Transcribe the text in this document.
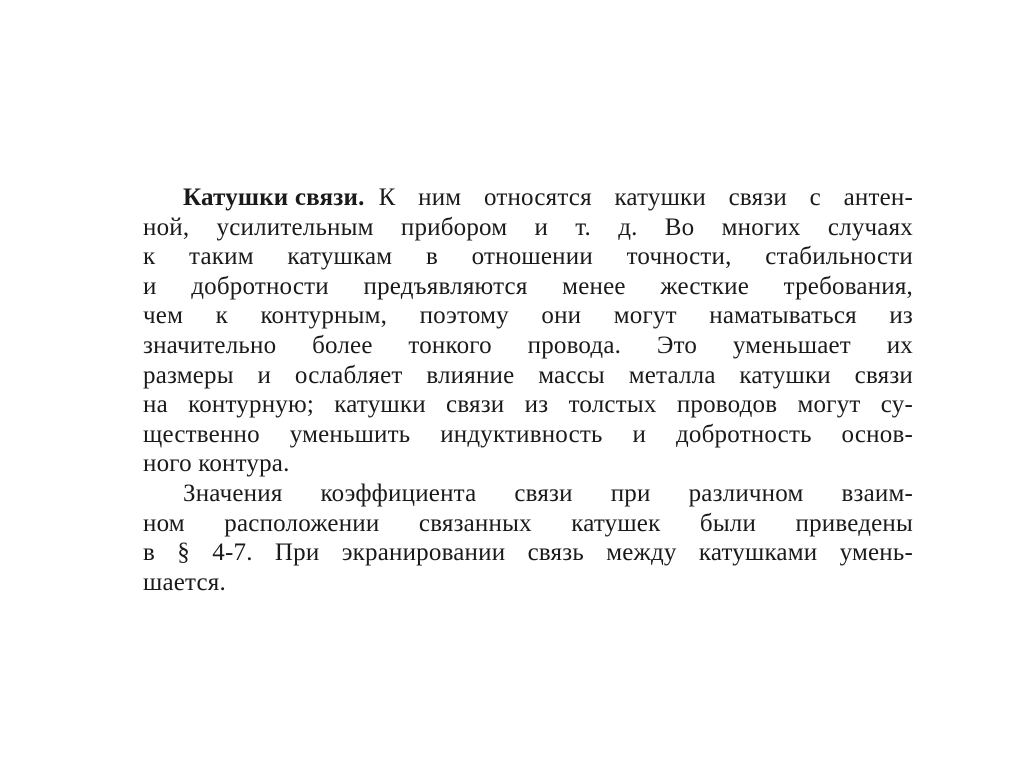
Катушки связи. К ним относятся катушки связи с антен-
ной, усилительным прибором и т. д. Во многих случаях
к таким катушкам в отношении точности, стабильности
и добротности предъявляются менее жесткие требования,
чем к контурным, поэтому они могут наматываться из
значительно более тонкого провода. Это уменьшает их
размеры и ослабляет влияние массы металла катушки связи
на контурную; катушки связи из толстых проводов могут су-
щественно уменьшить индуктивность и добротность основ-
ного контура.
Значения коэффициента связи при различном взаим-
ном расположении связанных катушек были приведены
в § 4-7. При экранировании связь между катушками умень-
шается.
